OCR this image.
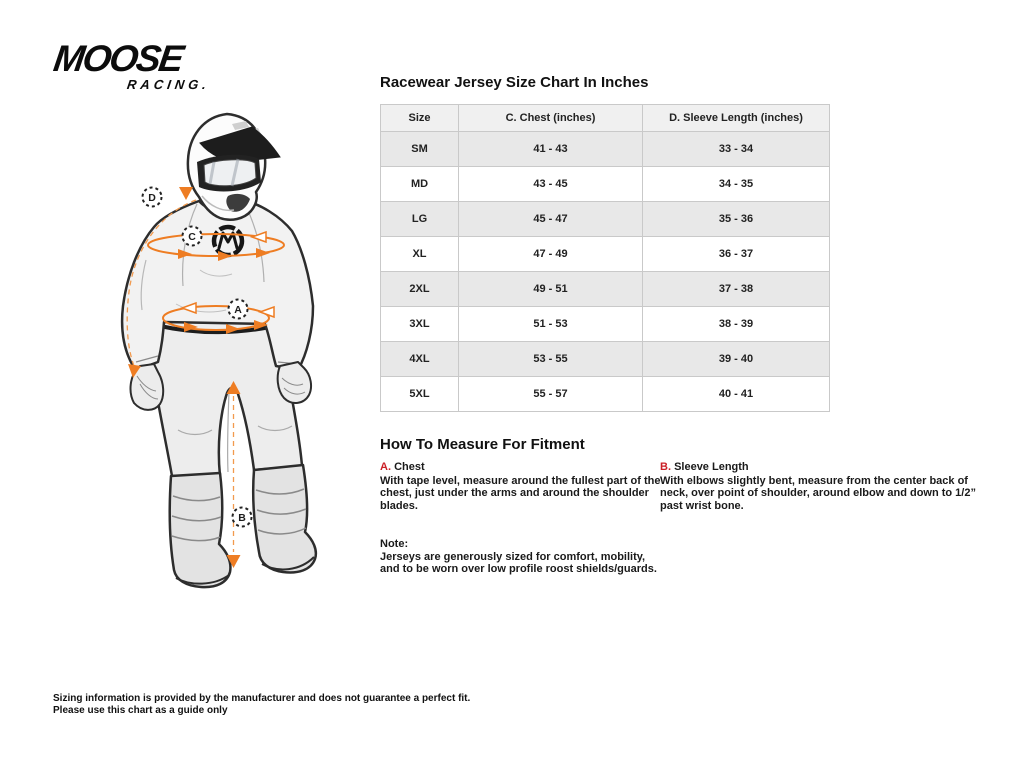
MOOSE
RACING.
D
C
A
B
Racewear Jersey Size Chart In Inches
Size	C. Chest (inches)	D. Sleeve Length (inches)
SM	41 - 43	33 - 34
MD	43 - 45	34 - 35
LG	45 - 47	35 - 36
XL	47 - 49	36 - 37
2XL	49 - 51	37 - 38
3XL	51 - 53	38 - 39
4XL	53 - 55	39 - 40
5XL	55 - 57	40 - 41
How To Measure For Fitment
A. Chest
With tape level, measure around the fullest part of the chest, just under the arms and around the shoulder blades.
B. Sleeve Length
With elbows slightly bent, measure from the center back of neck, over point of shoulder, around elbow and down to 1/2” past wrist bone.
Note:
Jerseys are generously sized for comfort, mobility, and to be worn over low profile roost shields/guards.
Sizing information is provided by the manufacturer and does not guarantee a perfect fit.
Please use this chart as a guide only
